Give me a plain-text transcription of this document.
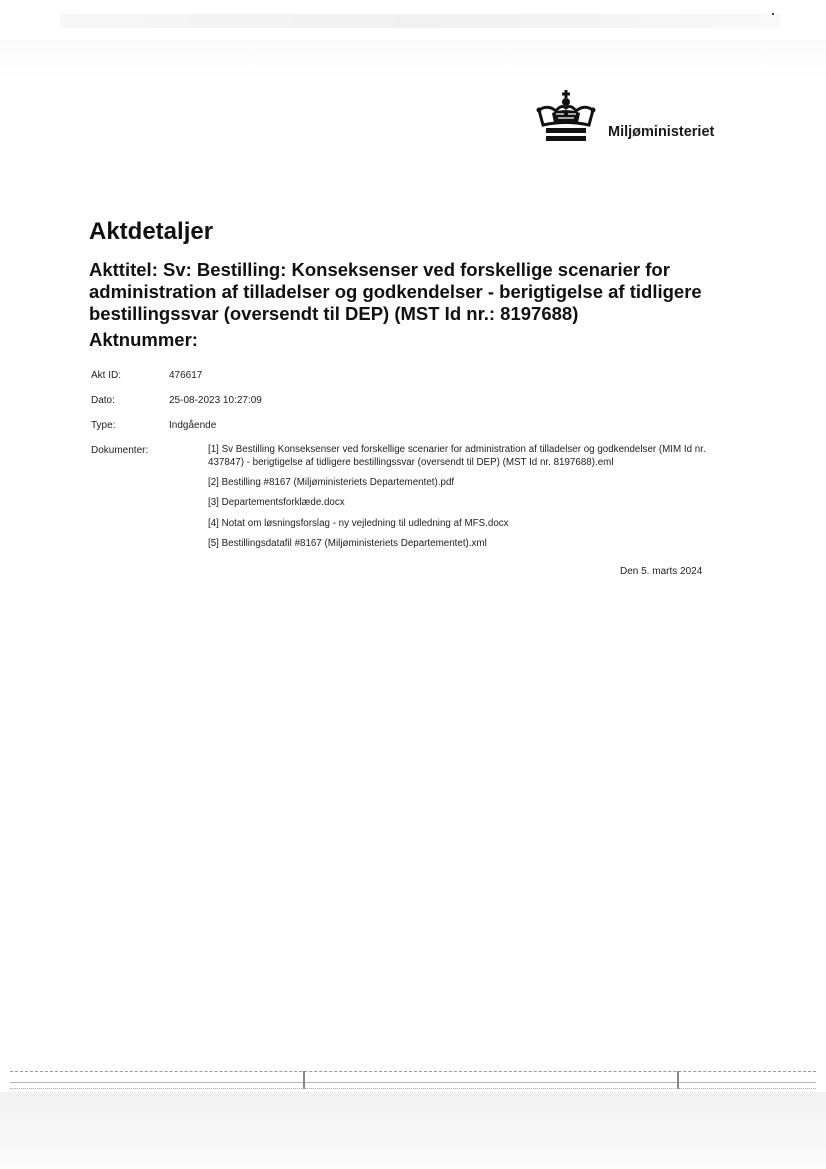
Miljøministeriet
Aktdetaljer
Akttitel: Sv: Bestilling: Konseksenser ved forskellige scenarier for administration af tilladelser og godkendelser - berigtigelse af tidligere bestillingssvar (oversendt til DEP) (MST Id nr.: 8197688)
Aktnummer:
Akt ID:	476617
Dato:	25-08-2023 10:27:09
Type:	Indgående
Dokumenter:	[1] Sv Bestilling Konseksenser ved forskellige scenarier for administration af tilladelser og godkendelser (MIM Id nr. 437847) - berigtigelse af tidligere bestillingssvar (oversendt til DEP) (MST Id nr. 8197688).eml
[2] Bestilling #8167 (Miljøministeriets Departementet).pdf
[3] Departementsforklæde.docx
[4] Notat om løsningsforslag - ny vejledning til udledning af MFS.docx
[5] Bestillingsdatafil #8167 (Miljøministeriets Departementet).xml
Den 5. marts 2024
